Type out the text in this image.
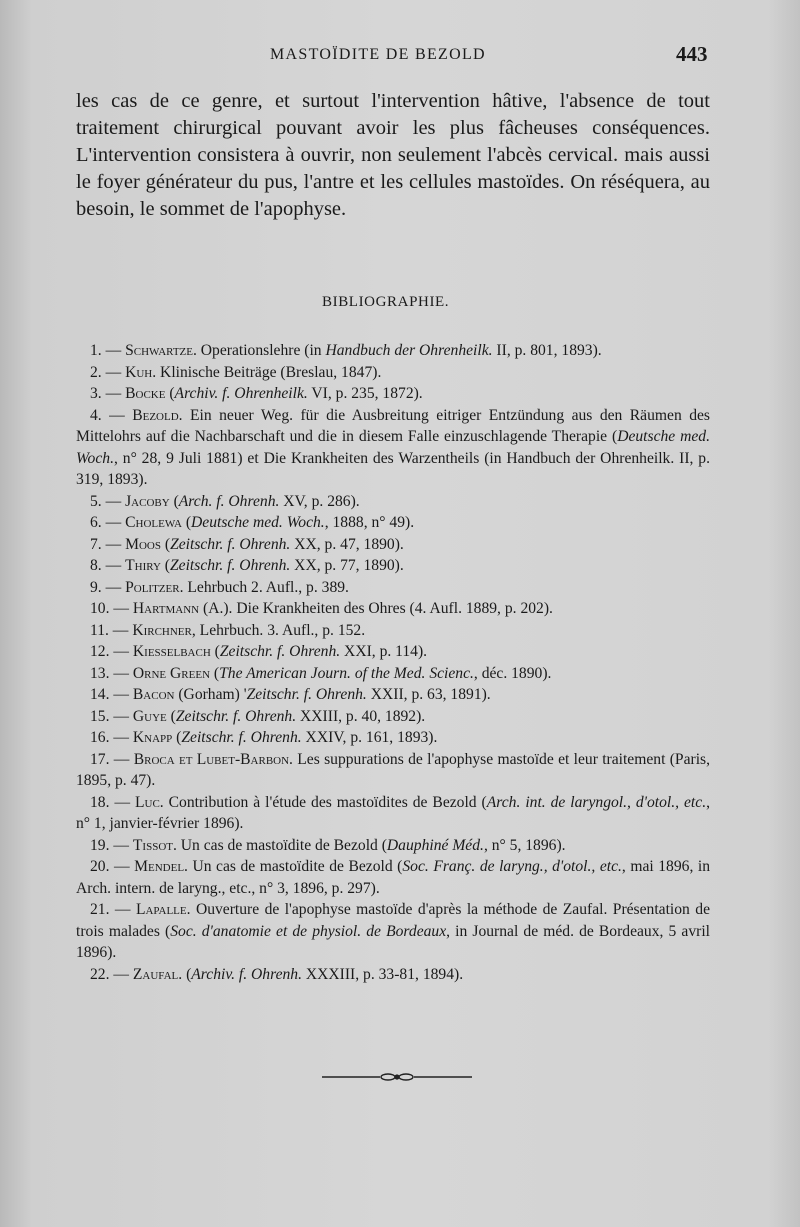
MASTOÏDITE DE BEZOLD	443

les cas de ce genre, et surtout l'intervention hâtive, l'absence de tout traitement chirurgical pouvant avoir les plus fâcheuses conséquences. L'intervention consistera à ouvrir, non seulement l'abcès cervical. mais aussi le foyer générateur du pus, l'antre et les cellules mastoïdes. On réséquera, au besoin, le sommet de l'apophyse.

BIBLIOGRAPHIE.

1. — Schwartze. Operationslehre (in Handbuch der Ohrenheilk. II, p. 801, 1893).

2. — Kuh. Klinische Beiträge (Breslau, 1847).

3. — Bocke (Archiv. f. Ohrenheilk. VI, p. 235, 1872).

4. — Bezold. Ein neuer Weg. für die Ausbreitung eitriger Entzündung aus den Räumen des Mittelohrs auf die Nachbarschaft und die in diesem Falle einzuschlagende Therapie (Deutsche med. Woch., n° 28, 9 Juli 1881) et Die Krankheiten des Warzentheils (in Handbuch der Ohrenheilk. II, p. 319, 1893).

5. — Jacoby (Arch. f. Ohrenh. XV, p. 286).

6. — Cholewa (Deutsche med. Woch., 1888, n° 49).

7. — Moos (Zeitschr. f. Ohrenh. XX, p. 47, 1890).

8. — Thiry (Zeitschr. f. Ohrenh. XX, p. 77, 1890).

9. — Politzer. Lehrbuch 2. Aufl., p. 389.

10. — Hartmann (A.). Die Krankheiten des Ohres (4. Aufl. 1889, p. 202).

11. — Kirchner, Lehrbuch. 3. Aufl., p. 152.

12. — Kiesselbach (Zeitschr. f. Ohrenh. XXI, p. 114).

13. — Orne Green (The American Journ. of the Med. Scienc., déc. 1890).

14. — Bacon (Gorham) 'Zeitschr. f. Ohrenh. XXII, p. 63, 1891).

15. — Guye (Zeitschr. f. Ohrenh. XXIII, p. 40, 1892).

16. — Knapp (Zeitschr. f. Ohrenh. XXIV, p. 161, 1893).

17. — Broca et Lubet-Barbon. Les suppurations de l'apophyse mastoïde et leur traitement (Paris, 1895, p. 47).

18. — Luc. Contribution à l'étude des mastoïdites de Bezold (Arch. int. de laryngol., d'otol., etc., n° 1, janvier-février 1896).

19. — Tissot. Un cas de mastoïdite de Bezold (Dauphiné Méd., n° 5, 1896).

20. — Mendel. Un cas de mastoïdite de Bezold (Soc. Franç. de laryng., d'otol., etc., mai 1896, in Arch. intern. de laryng., etc., n° 3, 1896, p. 297).

21. — Lapalle. Ouverture de l'apophyse mastoïde d'après la méthode de Zaufal. Présentation de trois malades (Soc. d'anatomie et de physiol. de Bordeaux, in Journal de méd. de Bordeaux, 5 avril 1896).

22. — Zaufal. (Archiv. f. Ohrenh. XXXIII, p. 33-81, 1894).
